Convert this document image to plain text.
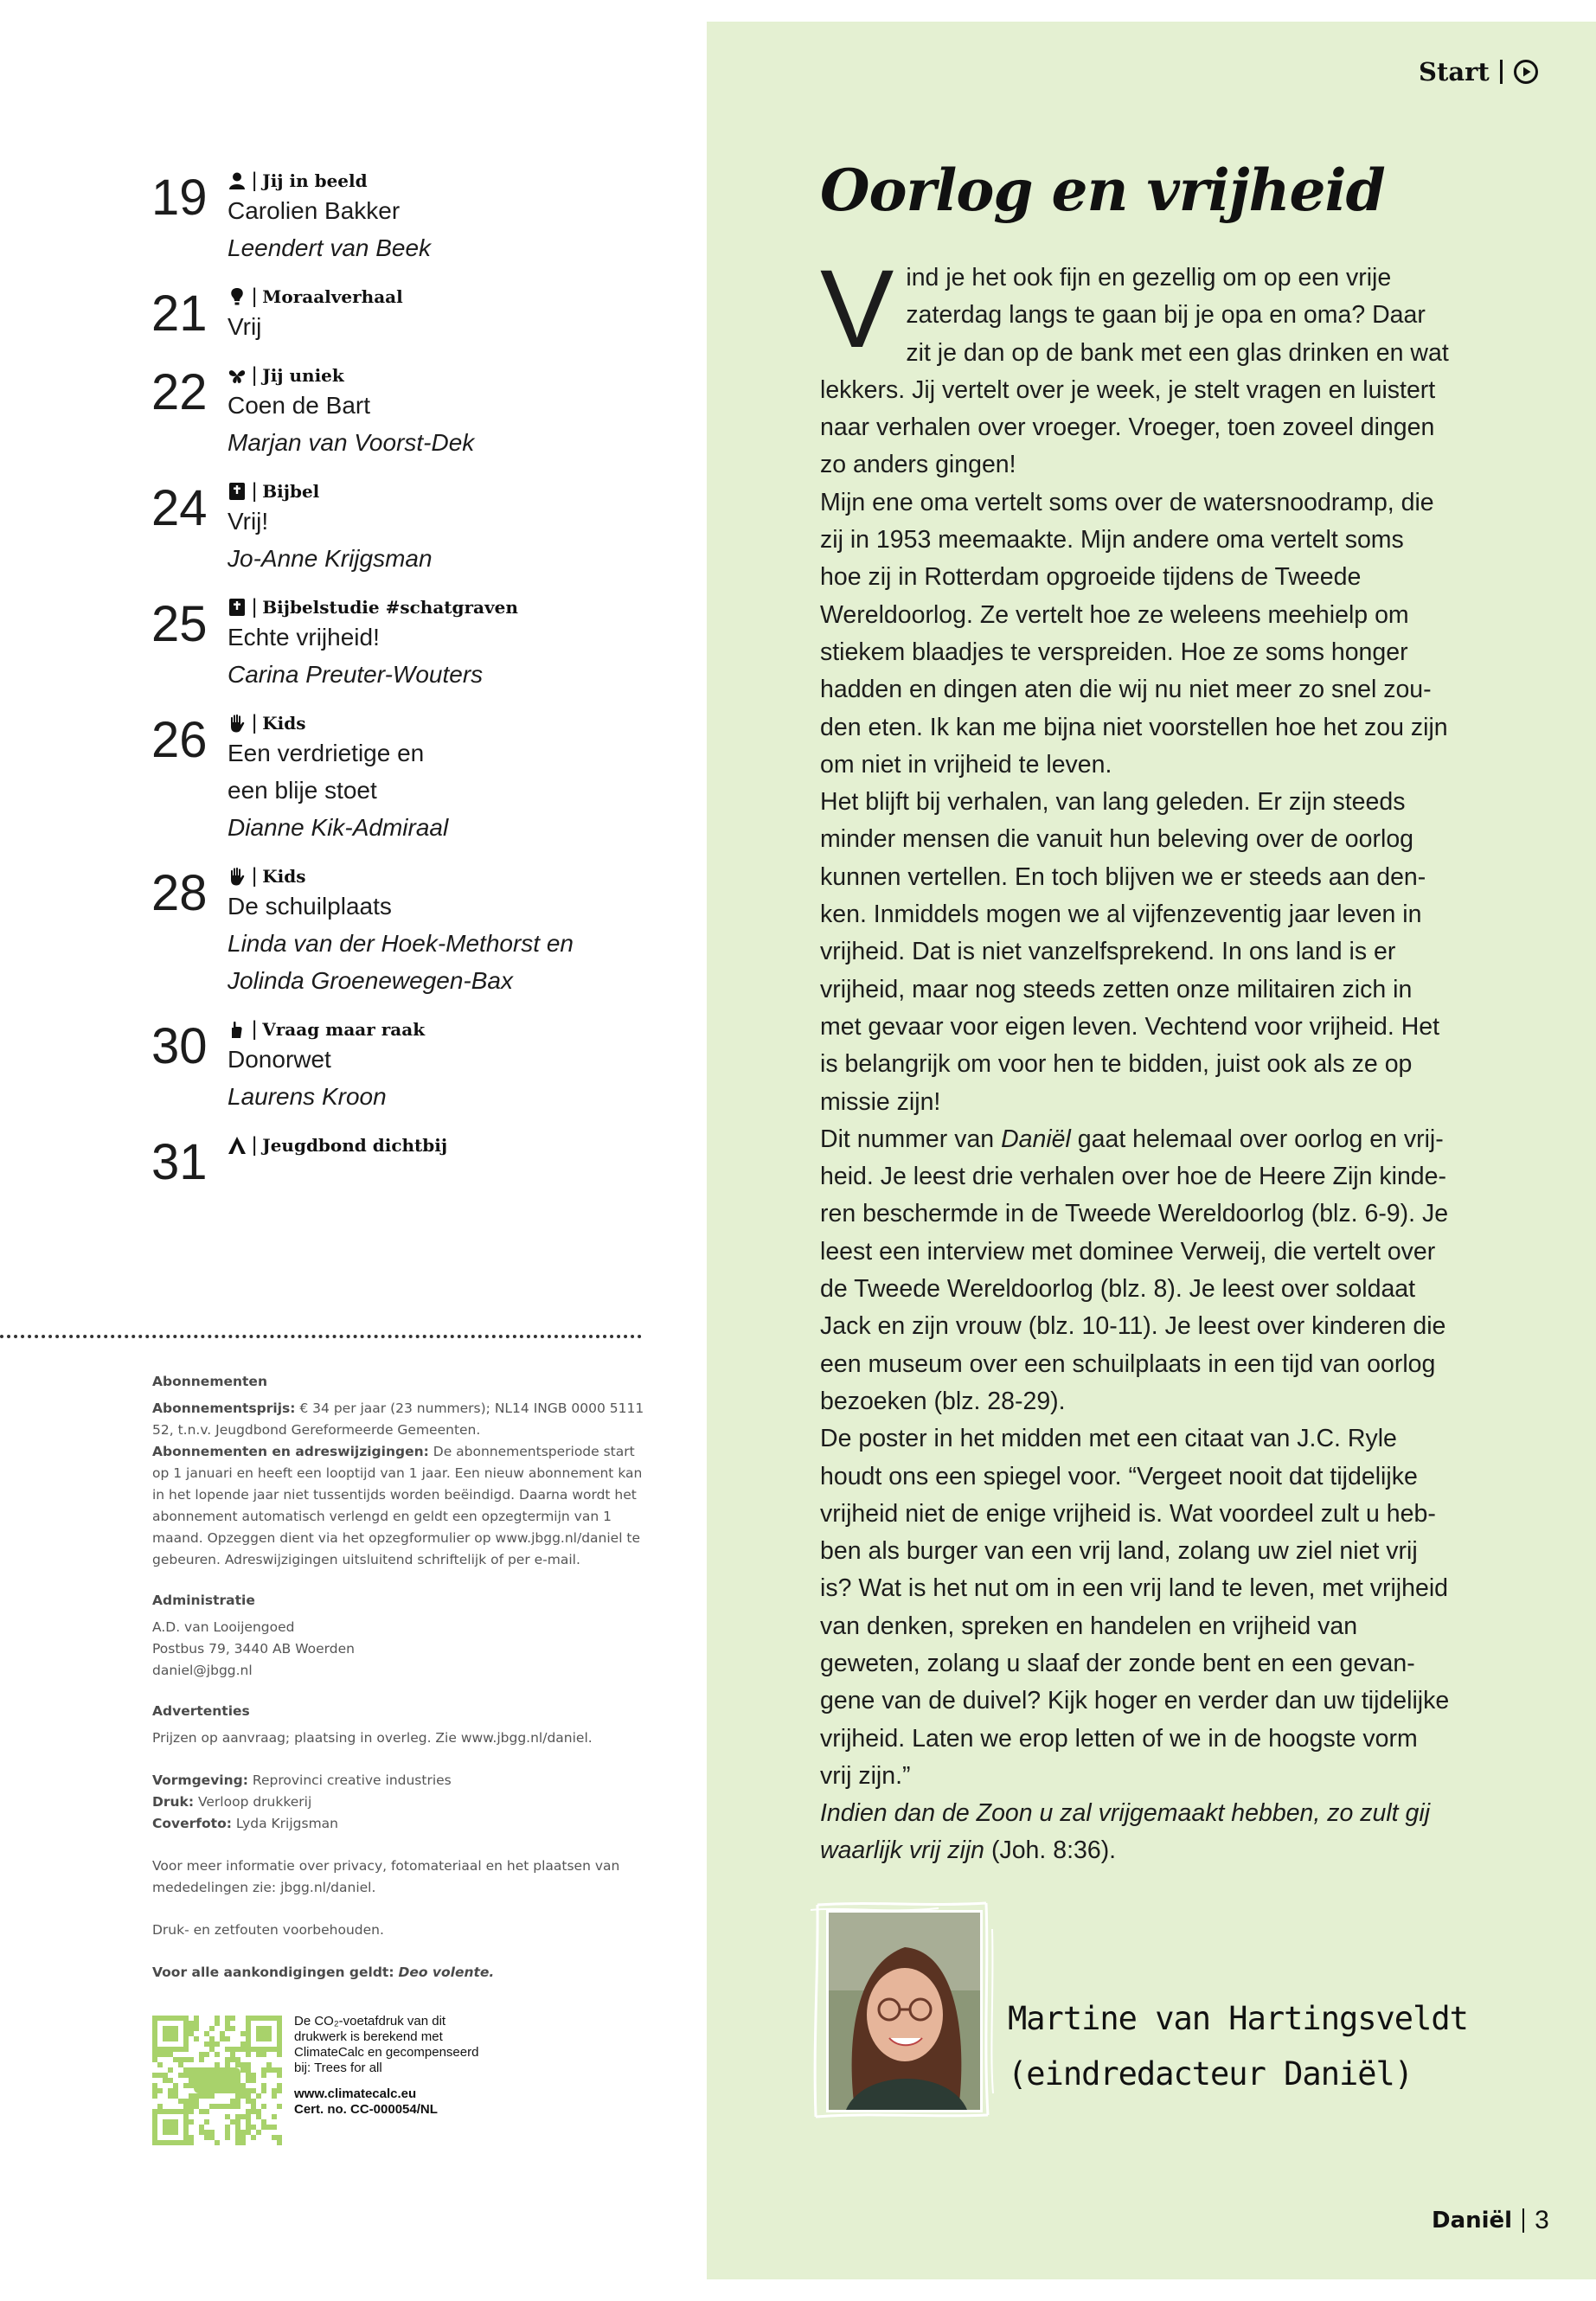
Start
19	| Jij in beeld
Carolien Bakker
Leendert van Beek
21	| Moraalverhaal
Vrij
22	| Jij uniek
Coen de Bart
Marjan van Voorst-Dek
24	| Bijbel
Vrij!
Jo-Anne Krijgsman
25	| Bijbelstudie #schatgraven
Echte vrijheid!
Carina Preuter-Wouters
26	| Kids
Een verdrietige en
een blije stoet
Dianne Kik-Admiraal
28	| Kids
De schuilplaats
Linda van der Hoek-Methorst en
Jolinda Groenewegen-Bax
30	| Vraag maar raak
Donorwet
Laurens Kroon
31	| Jeugdbond dichtbij
Abonnementen
Abonnementsprijs: € 34 per jaar (23 nummers); NL14 INGB 0000 5111 52, t.n.v. Jeugdbond Gereformeerde Gemeenten.
Abonnementen en adreswijzigingen: De abonnementsperiode start op 1 januari en heeft een looptijd van 1 jaar. Een nieuw abonnement kan in het lopende jaar niet tussentijds worden beëindigd. Daarna wordt het abonnement automatisch verlengd en geldt een opzegtermijn van 1 maand. Opzeggen dient via het opzegformulier op www.jbgg.nl/daniel te gebeuren. Adreswijzigingen uitsluitend schriftelijk of per e-mail.
Administratie
A.D. van Looijengoed
Postbus 79, 3440 AB Woerden
daniel@jbgg.nl
Advertenties
Prijzen op aanvraag; plaatsing in overleg. Zie www.jbgg.nl/daniel.
Vormgeving: Reprovinci creative industries
Druk: Verloop drukkerij
Coverfoto: Lyda Krijgsman
Voor meer informatie over privacy, fotomateriaal en het plaatsen van mededelingen zie: jbgg.nl/daniel.
Druk- en zetfouten voorbehouden.
Voor alle aankondigingen geldt: Deo volente.
De CO₂-voetafdruk van dit drukwerk is berekend met ClimateCalc en gecompenseerd bij: Trees for all
www.climatecalc.eu
Cert. no. CC-000054/NL
Oorlog en vrijheid

Vind je het ook fijn en gezellig om op een vrije zaterdag langs te gaan bij je opa en oma? Daar zit je dan op de bank met een glas drinken en wat lekkers. Jij vertelt over je week, je stelt vragen en luistert naar verhalen over vroeger. Vroeger, toen zoveel dingen zo anders gingen!

Mijn ene oma vertelt soms over de watersnoodramp, die zij in 1953 meemaakte. Mijn andere oma vertelt soms hoe zij in Rotterdam opgroeide tijdens de Tweede Wereldoorlog. Ze vertelt hoe ze weleens meehielp om stiekem blaadjes te verspreiden. Hoe ze soms honger hadden en dingen aten die wij nu niet meer zo snel zouden eten. Ik kan me bijna niet voorstellen hoe het zou zijn om niet in vrijheid te leven.

Het blijft bij verhalen, van lang geleden. Er zijn steeds minder mensen die vanuit hun beleving over de oorlog kunnen vertellen. En toch blijven we er steeds aan denken. Inmiddels mogen we al vijfenzeventig jaar leven in vrijheid. Dat is niet vanzelfsprekend. In ons land is er vrijheid, maar nog steeds zetten onze militairen zich in met gevaar voor eigen leven. Vechtend voor vrijheid. Het is belangrijk om voor hen te bidden, juist ook als ze op missie zijn!

Dit nummer van Daniël gaat helemaal over oorlog en vrijheid. Je leest drie verhalen over hoe de Heere Zijn kinderen beschermde in de Tweede Wereldoorlog (blz. 6-9). Je leest een interview met dominee Verweij, die vertelt over de Tweede Wereldoorlog (blz. 8). Je leest over soldaat Jack en zijn vrouw (blz. 10-11). Je leest over kinderen die een museum over een schuilplaats in een tijd van oorlog bezoeken (blz. 28-29).

De poster in het midden met een citaat van J.C. Ryle houdt ons een spiegel voor. “Vergeet nooit dat tijdelijke vrijheid niet de enige vrijheid is. Wat voordeel zult u hebben als burger van een vrij land, zolang uw ziel niet vrij is? Wat is het nut om in een vrij land te leven, met vrijheid van denken, spreken en handelen en vrijheid van geweten, zolang u slaaf der zonde bent en een gevangene van de duivel? Kijk hoger en verder dan uw tijdelijke vrijheid. Laten we erop letten of we in de hoogste vorm vrij zijn.”

Indien dan de Zoon u zal vrijgemaakt hebben, zo zult gij waarlijk vrij zijn (Joh. 8:36).

Martine van Hartingsveldt
(eindredacteur Daniël)
Daniël 3
